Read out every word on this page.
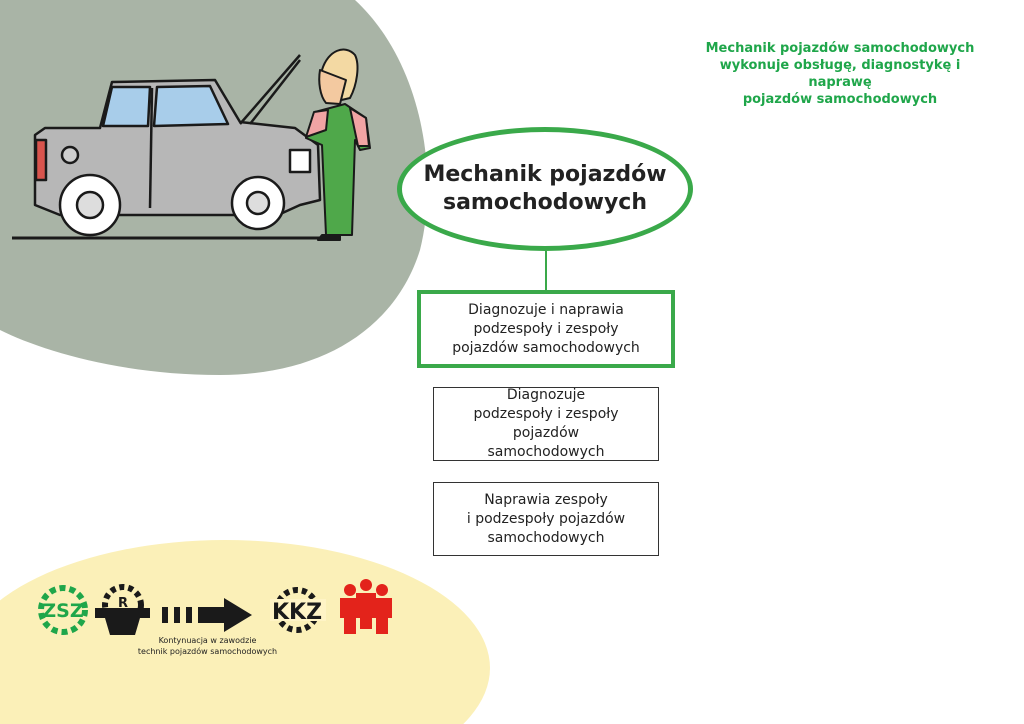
ZSZ	R	KKZ
Mechanik pojazdów samochodowych
wykonuje obsługę, diagnostykę i naprawę
pojazdów samochodowych
Mechanik pojazdów
samochodowych
Diagnozuje i naprawia
podzespoły i zespoły
pojazdów samochodowych
Diagnozuje
podzespoły i zespoły
pojazdów samochodowych
Naprawia zespoły
i podzespoły pojazdów
samochodowych
Kontynuacja w zawodzie
technik pojazdów samochodowych
